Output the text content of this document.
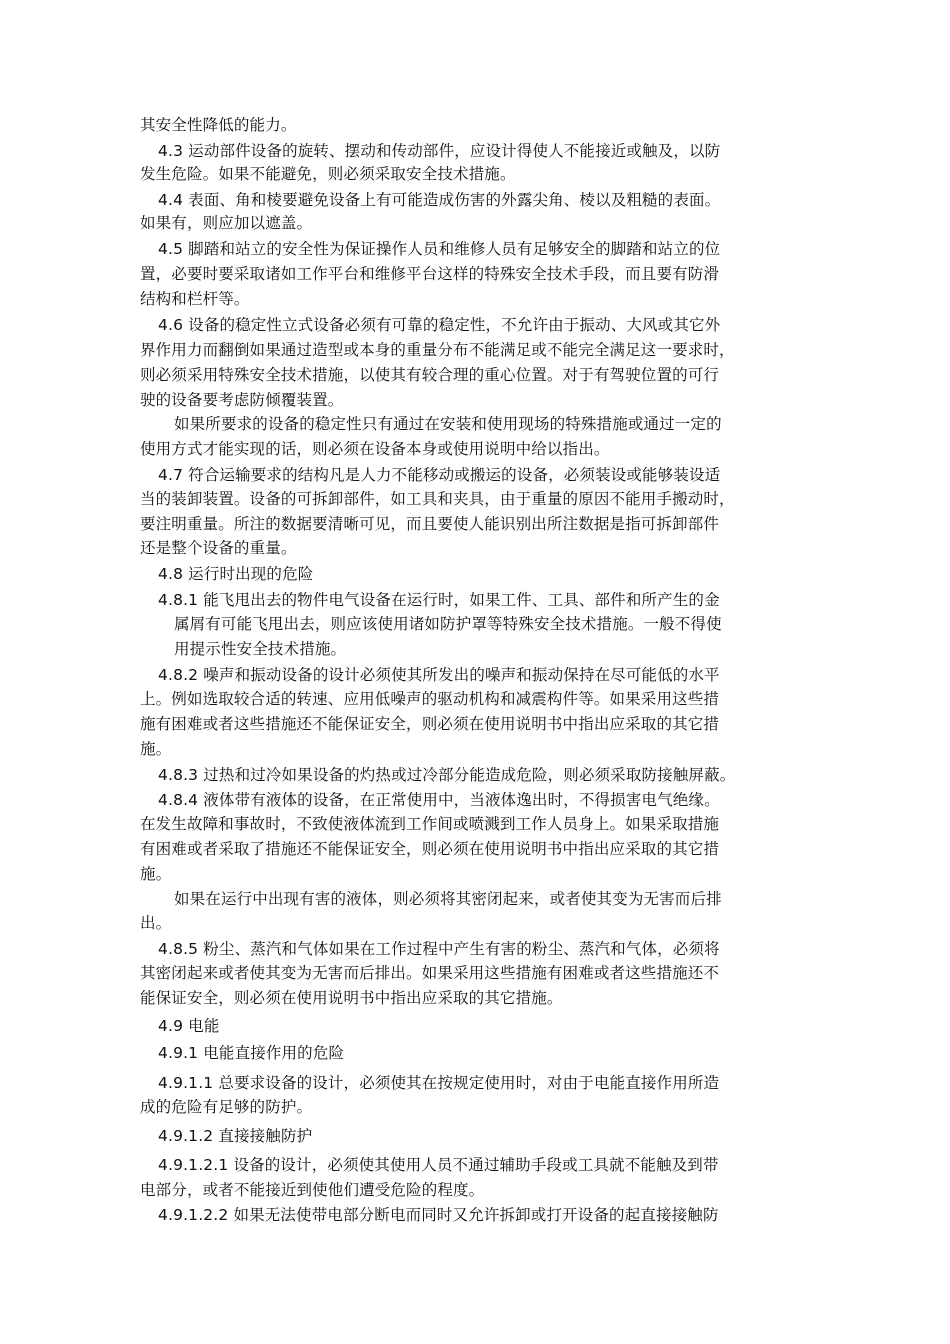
其安全性降低的能力。
4.3 运动部件设备的旋转、摆动和传动部件，应设计得使人不能接近或触及，以防
发生危险。如果不能避免，则必须采取安全技术措施。
4.4 表面、角和棱要避免设备上有可能造成伤害的外露尖角、棱以及粗糙的表面。
如果有，则应加以遮盖。
4.5 脚踏和站立的安全性为保证操作人员和维修人员有足够安全的脚踏和站立的位
置，必要时要采取诸如工作平台和维修平台这样的特殊安全技术手段，而且要有防滑
结构和栏杆等。
4.6 设备的稳定性立式设备必须有可靠的稳定性，不允许由于振动、大风或其它外
界作用力而翻倒如果通过造型或本身的重量分布不能满足或不能完全满足这一要求时，
则必须采用特殊安全技术措施，以使其有较合理的重心位置。对于有驾驶位置的可行
驶的设备要考虑防倾覆装置。
如果所要求的设备的稳定性只有通过在安装和使用现场的特殊措施或通过一定的
使用方式才能实现的话，则必须在设备本身或使用说明中给以指出。
4.7 符合运输要求的结构凡是人力不能移动或搬运的设备，必须装设或能够装设适
当的装卸装置。设备的可拆卸部件，如工具和夹具，由于重量的原因不能用手搬动时，
要注明重量。所注的数据要清晰可见，而且要使人能识别出所注数据是指可拆卸部件
还是整个设备的重量。
4.8 运行时出现的危险
4.8.1 能飞甩出去的物件电气设备在运行时，如果工件、工具、部件和所产生的金
属屑有可能飞甩出去，则应该使用诸如防护罩等特殊安全技术措施。一般不得使
用提示性安全技术措施。
4.8.2 噪声和振动设备的设计必须使其所发出的噪声和振动保持在尽可能低的水平
上。例如选取较合适的转速、应用低噪声的驱动机构和减震构件等。如果采用这些措
施有困难或者这些措施还不能保证安全，则必须在使用说明书中指出应采取的其它措
施。
4.8.3 过热和过冷如果设备的灼热或过冷部分能造成危险，则必须采取防接触屏蔽。
4.8.4 液体带有液体的设备，在正常使用中，当液体逸出时，不得损害电气绝缘。
在发生故障和事故时，不致使液体流到工作间或喷溅到工作人员身上。如果采取措施
有困难或者采取了措施还不能保证安全，则必须在使用说明书中指出应采取的其它措
施。
如果在运行中出现有害的液体，则必须将其密闭起来，或者使其变为无害而后排
出。
4.8.5 粉尘、蒸汽和气体如果在工作过程中产生有害的粉尘、蒸汽和气体，必须将
其密闭起来或者使其变为无害而后排出。如果采用这些措施有困难或者这些措施还不
能保证安全，则必须在使用说明书中指出应采取的其它措施。
4.9 电能
4.9.1 电能直接作用的危险
4.9.1.1 总要求设备的设计，必须使其在按规定使用时，对由于电能直接作用所造
成的危险有足够的防护。
4.9.1.2 直接接触防护
4.9.1.2.1 设备的设计，必须使其使用人员不通过辅助手段或工具就不能触及到带
电部分，或者不能接近到使他们遭受危险的程度。
4.9.1.2.2 如果无法使带电部分断电而同时又允许拆卸或打开设备的起直接接触防
